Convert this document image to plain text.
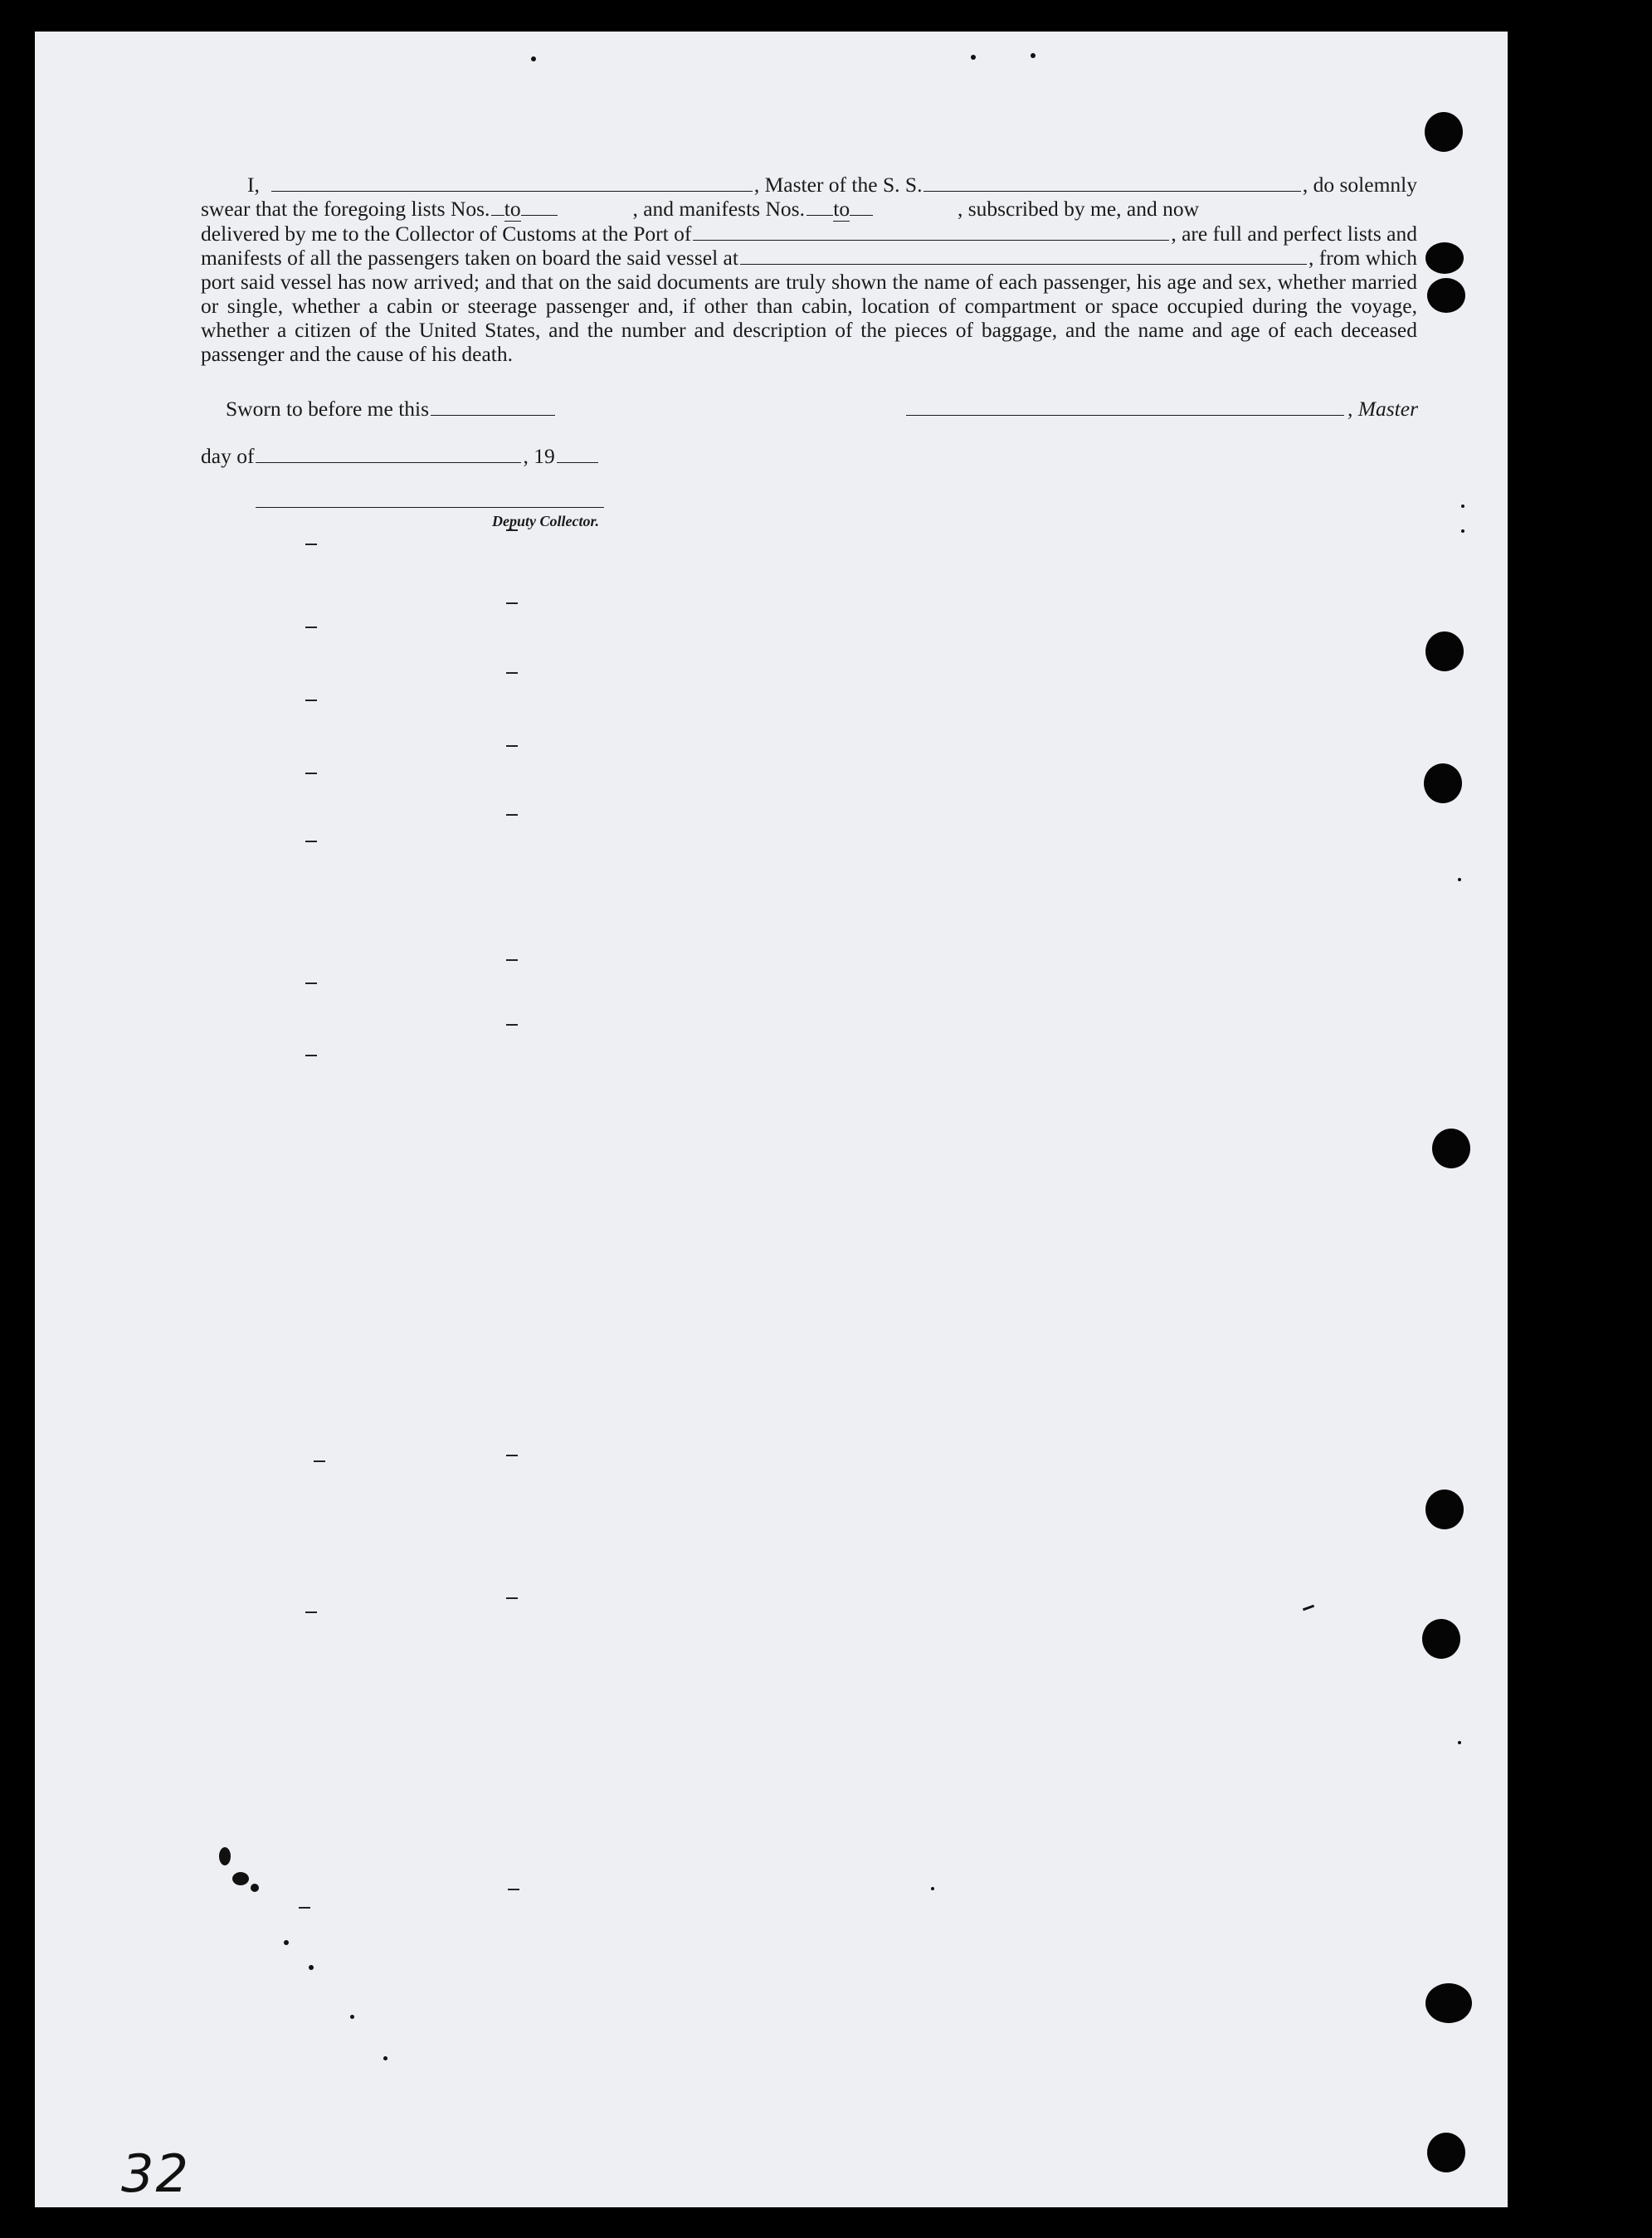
I,	, Master of the S. S.	, do solemnly
swear that the foregoing lists Nos. to	, and manifests Nos. to	, subscribed by me, and now
delivered by me to the Collector of Customs at the Port of	, are full and perfect lists and
manifests of all the passengers taken on board the said vessel at	, from which
port said vessel has now arrived; and that on the said documents are truly shown the name of each passenger, his age and sex, whether married or single, whether a cabin or steerage passenger and, if other than cabin, location of compartment or space occupied during the voyage, whether a citizen of the United States, and the number and description of the pieces of baggage, and the name and age of each deceased passenger and the cause of his death.
Sworn to before me this	, Master
day of	, 19
Deputy Collector.
32
